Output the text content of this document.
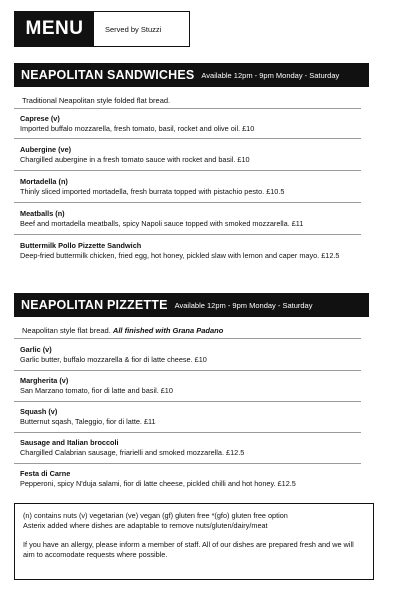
MENU	Served by Stuzzi
NEAPOLITAN SANDWICHES Available 12pm - 9pm Monday - Saturday
Traditional Neapolitan style folded flat bread.
Caprese (v)
Imported buffalo mozzarella, fresh tomato, basil, rocket and olive oil. £10
Aubergine (ve)
Chargilled aubergine in a fresh tomato sauce with rocket and basil. £10
Mortadella (n)
Thinly sliced imported mortadella, fresh burrata topped with pistachio pesto. £10.5
Meatballs (n)
Beef and mortadella meatballs, spicy Napoli sauce topped with smoked mozzarella. £11
Buttermilk Pollo Pizzette Sandwich
Deep-fried buttermilk chicken, fried egg, hot honey, pickled slaw with lemon and caper mayo. £12.5
NEAPOLITAN PIZZETTE Available 12pm - 9pm Monday - Saturday
Neapolitan style flat bread. All finished with Grana Padano
Garlic (v)
Garlic butter, buffalo mozzarella & fior di latte cheese. £10
Margherita (v)
San Marzano tomato, fior di latte and basil. £10
Squash (v)
Butternut sqash, Taleggio, fior di latte. £11
Sausage and Italian broccoli
Chargilled Calabrian sausage, friarielli and smoked mozzarella. £12.5
Festa di Carne
Pepperoni, spicy N'duja salami, fior di latte cheese, pickled chilli and hot honey. £12.5

(n) contains nuts (v) vegetarian (ve) vegan (gf) gluten free *(gfo) gluten free option

Asterix added where dishes are adaptable to remove nuts/gluten/dairy/meat

If you have an allergy, please inform a member of staff. All of our dishes are prepared fresh and we will aim to accomodate requests where possible.
